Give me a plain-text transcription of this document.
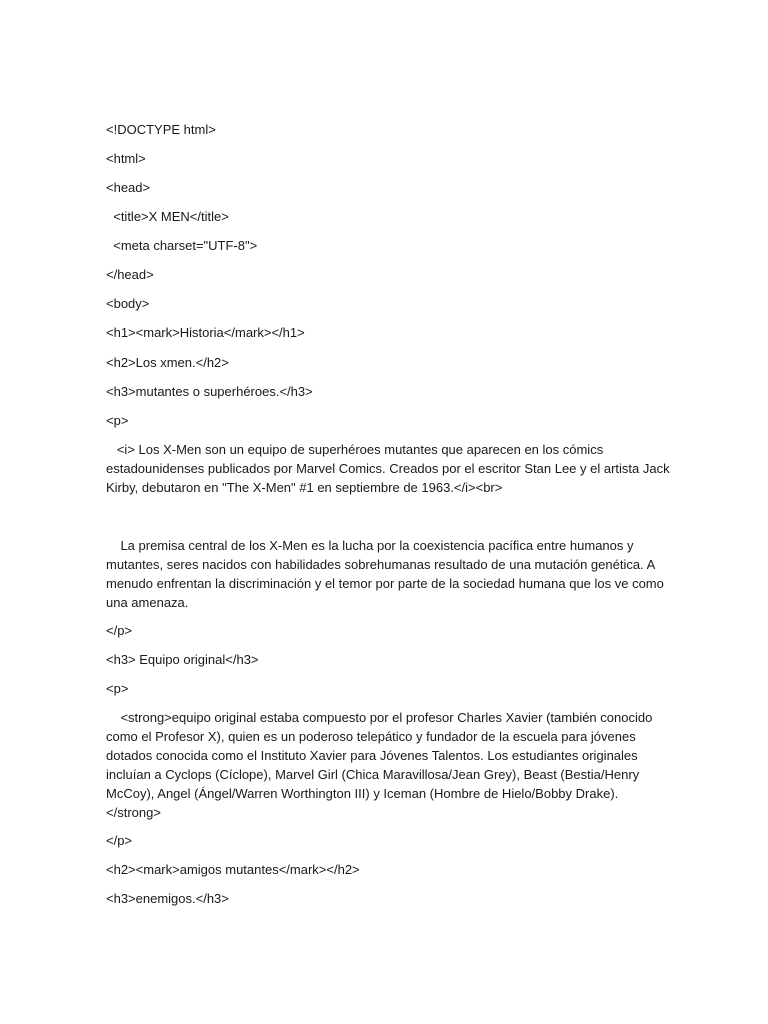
<!DOCTYPE html>

<html>

<head>

<title>X MEN</title>

<meta charset="UTF-8">

</head>

<body>

<h1><mark>Historia</mark></h1>

<h2>Los xmen.</h2>

<h3>mutantes o superhéroes.</h3>

<p>

<i> Los X-Men son un equipo de superhéroes mutantes que aparecen en los cómics
estadounidenses publicados por Marvel Comics. Creados por el escritor Stan Lee y el artista Jack
Kirby, debutaron en "The X-Men" #1 en septiembre de 1963.</i><br>
La premisa central de los X-Men es la lucha por la coexistencia pacífica entre humanos y
mutantes, seres nacidos con habilidades sobrehumanas resultado de una mutación genética. A
menudo enfrentan la discriminación y el temor por parte de la sociedad humana que los ve como
una amenaza.

</p>

<h3> Equipo original</h3>

<p>

<strong>equipo original estaba compuesto por el profesor Charles Xavier (también conocido
como el Profesor X), quien es un poderoso telepático y fundador de la escuela para jóvenes
dotados conocida como el Instituto Xavier para Jóvenes Talentos. Los estudiantes originales
incluían a Cyclops (Cíclope), Marvel Girl (Chica Maravillosa/Jean Grey), Beast (Bestia/Henry
McCoy), Angel (Ángel/Warren Worthington III) y Iceman (Hombre de Hielo/Bobby Drake).
</strong>

</p>

<h2><mark>amigos mutantes</mark></h2>

<h3>enemigos.</h3>
